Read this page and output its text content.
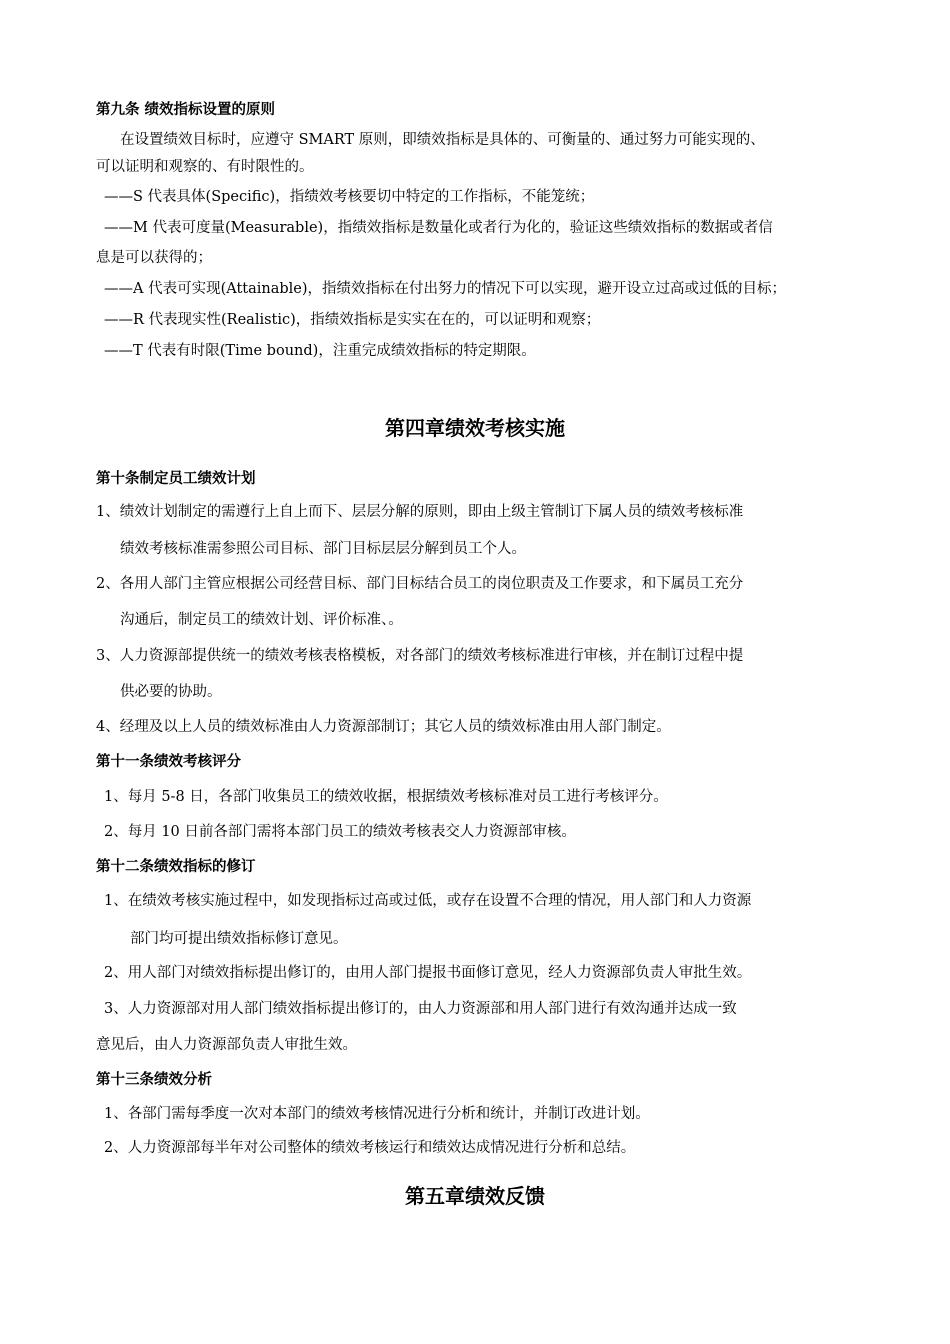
第九条 绩效指标设置的原则
在设置绩效目标时，应遵守 SMART 原则，即绩效指标是具体的、可衡量的、通过努力可能实现的、
可以证明和观察的、有时限性的。
——S 代表具体(Specific)，指绩效考核要切中特定的工作指标，不能笼统；
——M 代表可度量(Measurable)，指绩效指标是数量化或者行为化的，验证这些绩效指标的数据或者信
息是可以获得的；
——A 代表可实现(Attainable)，指绩效指标在付出努力的情况下可以实现，避开设立过高或过低的目标；
——R 代表现实性(Realistic)，指绩效指标是实实在在的，可以证明和观察；
——T 代表有时限(Time bound)，注重完成绩效指标的特定期限。
第四章绩效考核实施
第十条制定员工绩效计划
1、绩效计划制定的需遵行上自上而下、层层分解的原则，即由上级主管制订下属人员的绩效考核标准
绩效考核标准需参照公司目标、部门目标层层分解到员工个人。
2、各用人部门主管应根据公司经营目标、部门目标结合员工的岗位职责及工作要求，和下属员工充分
沟通后，制定员工的绩效计划、评价标准、。
3、人力资源部提供统一的绩效考核表格模板，对各部门的绩效考核标准进行审核，并在制订过程中提
供必要的协助。
4、经理及以上人员的绩效标准由人力资源部制订；其它人员的绩效标准由用人部门制定。
第十一条绩效考核评分
1、每月 5-8 日，各部门收集员工的绩效收据，根据绩效考核标准对员工进行考核评分。
2、每月 10 日前各部门需将本部门员工的绩效考核表交人力资源部审核。
第十二条绩效指标的修订
1、在绩效考核实施过程中，如发现指标过高或过低，或存在设置不合理的情况，用人部门和人力资源
部门均可提出绩效指标修订意见。
2、用人部门对绩效指标提出修订的，由用人部门提报书面修订意见，经人力资源部负责人审批生效。
3、人力资源部对用人部门绩效指标提出修订的，由人力资源部和用人部门进行有效沟通并达成一致
意见后，由人力资源部负责人审批生效。
第十三条绩效分析
1、各部门需每季度一次对本部门的绩效考核情况进行分析和统计，并制订改进计划。
2、人力资源部每半年对公司整体的绩效考核运行和绩效达成情况进行分析和总结。
第五章绩效反馈
